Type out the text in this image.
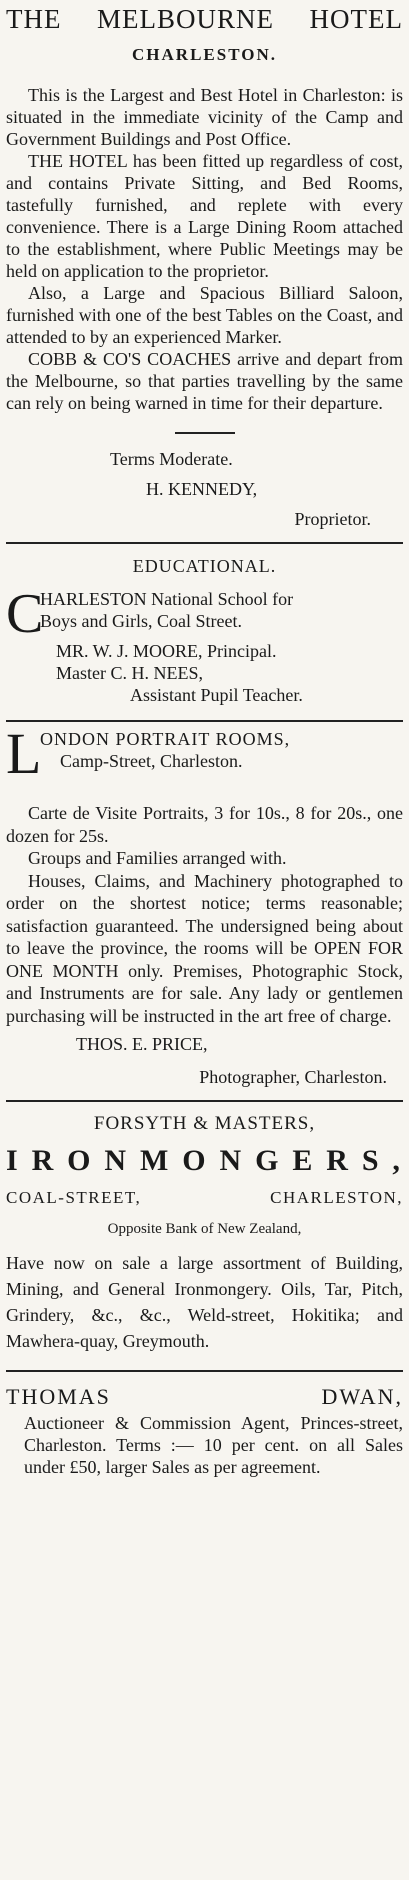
THE MELBOURNE HOTEL
CHARLESTON.

This is the Largest and Best Hotel in Charleston: is situated in the immediate vicinity of the Camp and Government Buildings and Post Office.

THE HOTEL has been fitted up regardless of cost, and contains Private Sitting, and Bed Rooms, tastefully furnished, and replete with every convenience. There is a Large Dining Room attached to the establishment, where Public Meetings may be held on application to the proprietor.

Also, a Large and Spacious Billiard Saloon, furnished with one of the best Tables on the Coast, and attended to by an experienced Marker.

COBB & CO'S COACHES arrive and depart from the Melbourne, so that parties travelling by the same can rely on being warned in time for their departure.

Terms Moderate.

H. KENNEDY,

Proprietor.

EDUCATIONAL.
C

HARLESTON National School for

Boys and Girls, Coal Street.

MR. W. J. MOORE, Principal.

Master C. H. NEES,

Assistant Pupil Teacher.

L

ONDON PORTRAIT ROOMS,

Camp-Street, Charleston.

Carte de Visite Portraits, 3 for 10s., 8 for 20s., one dozen for 25s.

Groups and Families arranged with.

Houses, Claims, and Machinery photographed to order on the shortest notice; terms reasonable; satisfaction guaranteed. The undersigned being about to leave the province, the rooms will be OPEN FOR ONE MONTH only. Premises, Photographic Stock, and Instruments are for sale. Any lady or gentlemen purchasing will be instructed in the art free of charge.

THOS. E. PRICE,

Photographer, Charleston.

FORSYTH & MASTERS,
I R O N M O N G E R S ,
COAL-STREET,	CHARLESTON,
Opposite Bank of New Zealand,

Have now on sale a large assortment of Building, Mining, and General Ironmongery. Oils, Tar, Pitch, Grindery, &c., &c., Weld-street, Hokitika; and Mawhera-quay, Greymouth.

THOMAS	DWAN,

Auctioneer & Commission Agent, Princes-street, Charleston. Terms :— 10 per cent. on all Sales under £50, larger Sales as per agreement.
